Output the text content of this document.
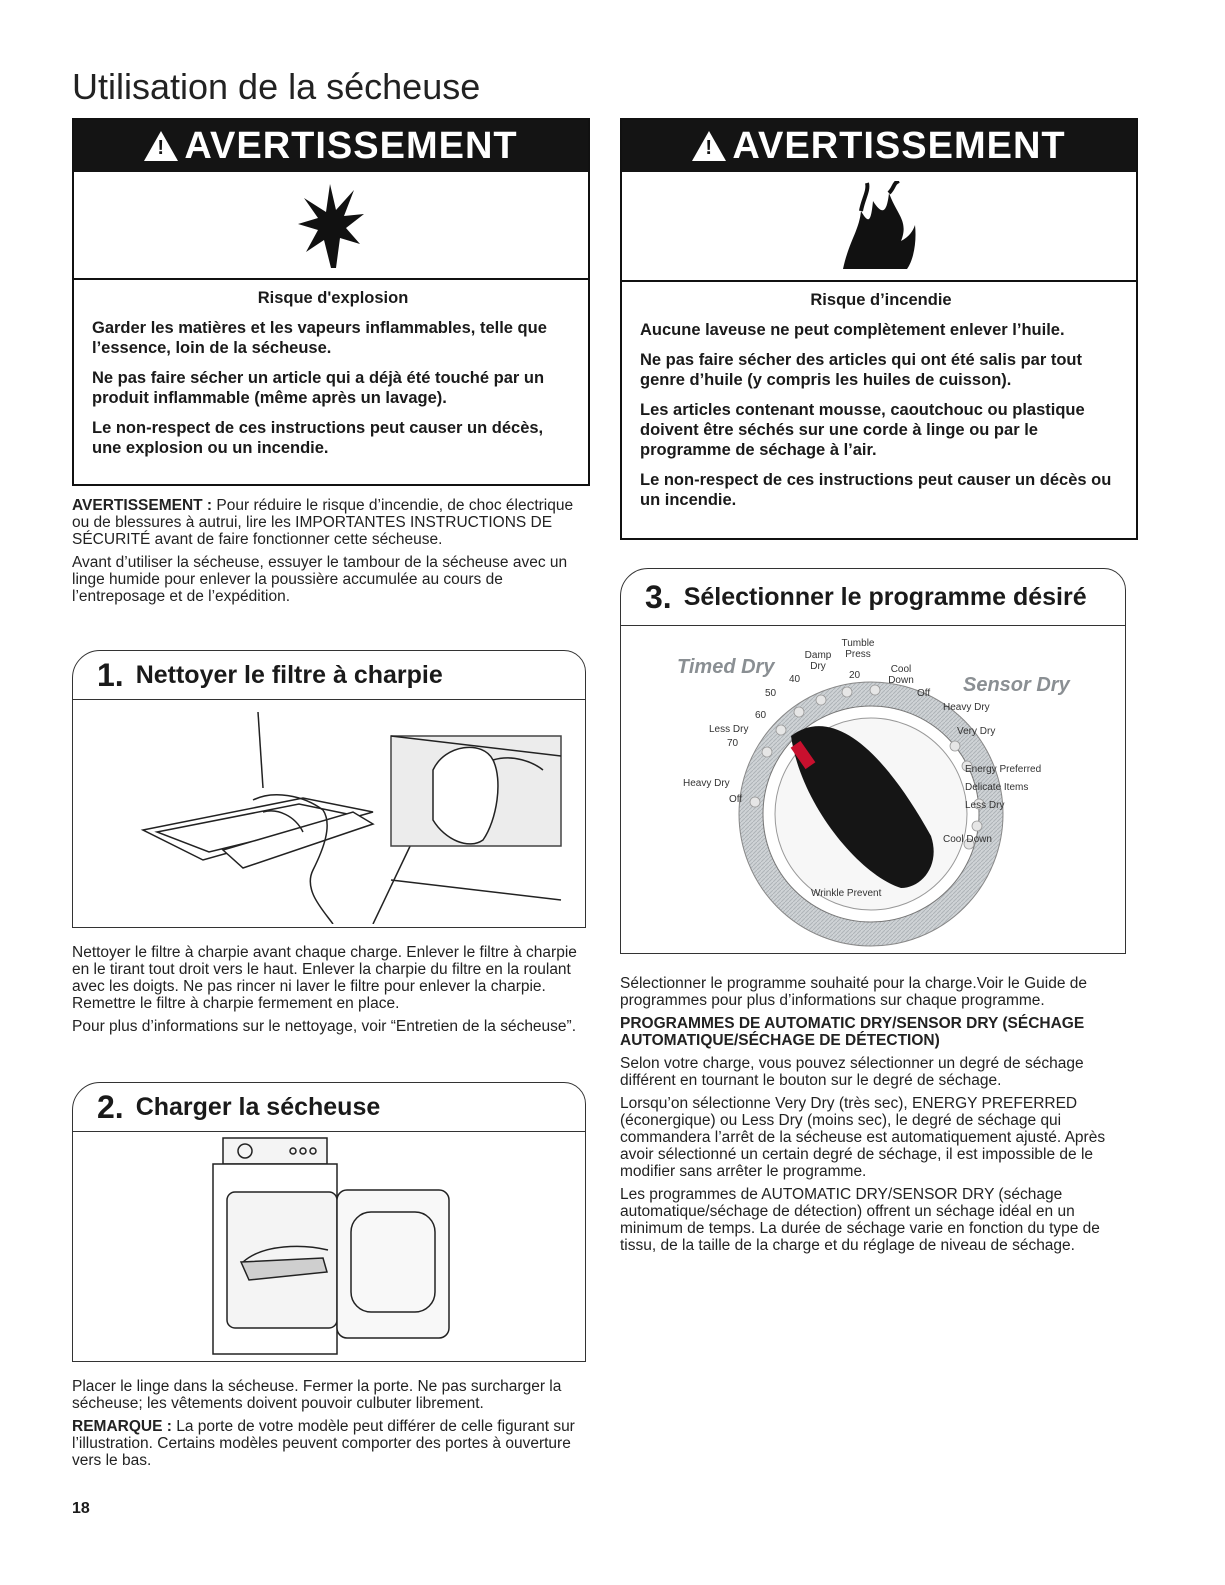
Utilisation de la sécheuse
!
AVERTISSEMENT
Risque d'explosion

Garder les matières et les vapeurs inflammables, telle que l’essence, loin de la sécheuse.

Ne pas faire sécher un article qui a déjà été touché par un produit inflammable (même après un lavage).

Le non-respect de ces instructions peut causer un décès, une explosion ou un incendie.

!
AVERTISSEMENT
Risque d’incendie

Aucune laveuse ne peut complètement enlever l’huile.

Ne pas faire sécher des articles qui ont été salis par tout genre d’huile (y compris les huiles de cuisson).

Les articles contenant mousse, caoutchouc ou plastique doivent être séchés sur une corde à linge ou par le programme de séchage à l’air.

Le non-respect de ces instructions peut causer un décès ou un incendie.

AVERTISSEMENT : Pour réduire le risque d’incendie, de choc électrique ou de blessures à autrui, lire les IMPORTANTES INSTRUCTIONS DE SÉCURITÉ avant de faire fonctionner cette sécheuse.

Avant d’utiliser la sécheuse, essuyer le tambour de la sécheuse avec un linge humide pour enlever la poussière accumulée au cours de l’entreposage et de l’expédition.

1. Nettoyer le filtre à charpie

Nettoyer le filtre à charpie avant chaque charge. Enlever le filtre à charpie en le tirant tout droit vers le haut. Enlever la charpie du filtre en la roulant avec les doigts. Ne pas rincer ni laver le filtre pour enlever la charpie. Remettre le filtre à charpie fermement en place.

Pour plus d’informations sur le nettoyage, voir “Entretien de la sécheuse”.

2. Charger la sécheuse

Placer le linge dans la sécheuse. Fermer la porte. Ne pas surcharger la sécheuse; les vêtements doivent pouvoir culbuter librement.

REMARQUE : La porte de votre modèle peut différer de celle figurant sur l’illustration. Certains modèles peuvent comporter des portes à ouverture vers le bas.

3. Sélectionner le programme désiré
Timed Dry
Sensor Dry
Tumble Press
Damp Dry	Cool Down
20
40
50
60
Less Dry
70
Heavy Dry
Off
Off
Heavy Dry
Very Dry
Energy Preferred
Delicate Items
Less Dry
Cool Down
Wrinkle Prevent

Sélectionner le programme souhaité pour la charge.Voir le Guide de programmes pour plus d’informations sur chaque programme.

PROGRAMMES DE AUTOMATIC DRY/SENSOR DRY (SÉCHAGE AUTOMATIQUE/SÉCHAGE DE DÉTECTION)

Selon votre charge, vous pouvez sélectionner un degré de séchage différent en tournant le bouton sur le degré de séchage.

Lorsqu’on sélectionne Very Dry (très sec), ENERGY PREFERRED (éconergique) ou Less Dry (moins sec), le degré de séchage qui commandera l’arrêt de la sécheuse est automatiquement ajusté. Après avoir sélectionné un certain degré de séchage, il est impossible de le modifier sans arrêter le programme.

Les programmes de AUTOMATIC DRY/SENSOR DRY (séchage automatique/séchage de détection) offrent un séchage idéal en un minimum de temps. La durée de séchage varie en fonction du type de tissu, de la taille de la charge et du réglage de niveau de séchage.

18
